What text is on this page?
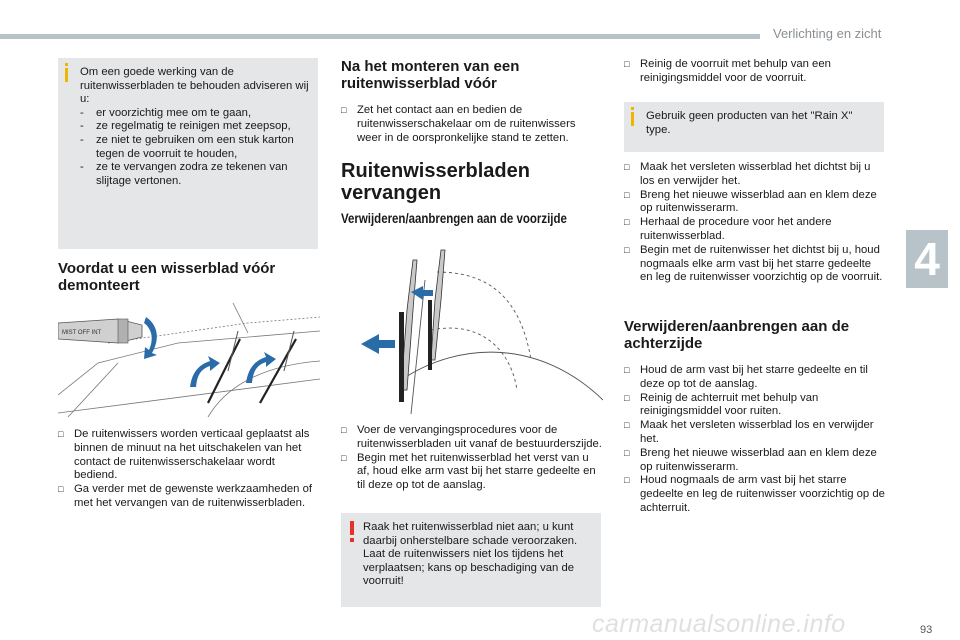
Verlichting en zicht
4
Om een goede werking van de ruitenwisserbladen te behouden adviseren wij u:
- er voorzichtig mee om te gaan,
- ze regelmatig te reinigen met zeepsop,
- ze niet te gebruiken om een stuk karton tegen de voorruit te houden,
- ze te vervangen zodra ze tekenen van slijtage vertonen.
Voordat u een wisserblad vóór demonteert
MIST OFF INT
□ De ruitenwissers worden verticaal geplaatst als binnen de minuut na het uitschakelen van het contact de ruitenwisserschakelaar wordt bediend.
□ Ga verder met de gewenste werkzaamheden of met het vervangen van de ruitenwisserbladen.
Na het monteren van een ruitenwisserblad vóór
□ Zet het contact aan en bedien de ruitenwisserschakelaar om de ruitenwissers weer in de oorspronkelijke stand te zetten.
Ruitenwisserbladen vervangen
Verwijderen/aanbrengen aan de voorzijde
□ Voer de vervangingsprocedures voor de ruitenwisserbladen uit vanaf de bestuurderszijde.
□ Begin met het ruitenwisserblad het verst van u af, houd elke arm vast bij het starre gedeelte en til deze op tot de aanslag.
Raak het ruitenwisserblad niet aan; u kunt daarbij onherstelbare schade veroorzaken. Laat de ruitenwissers niet los tijdens het verplaatsen; kans op beschadiging van de voorruit!
□ Reinig de voorruit met behulp van een reinigingsmiddel voor de voorruit.
Gebruik geen producten van het "Rain X" type.
□ Maak het versleten wisserblad het dichtst bij u los en verwijder het.
□ Breng het nieuwe wisserblad aan en klem deze op ruitenwisserarm.
□ Herhaal de procedure voor het andere ruitenwisserblad.
□ Begin met de ruitenwisser het dichtst bij u, houd nogmaals elke arm vast bij het starre gedeelte en leg de ruitenwisser voorzichtig op de voorruit.
Verwijderen/aanbrengen aan de achterzijde
□ Houd de arm vast bij het starre gedeelte en til deze op tot de aanslag.
□ Reinig de achterruit met behulp van reinigingsmiddel voor ruiten.
□ Maak het versleten wisserblad los en verwijder het.
□ Breng het nieuwe wisserblad aan en klem deze op ruitenwisserarm.
□ Houd nogmaals de arm vast bij het starre gedeelte en leg de ruitenwisser voorzichtig op de achterruit.
carmanualsonline.info	93
